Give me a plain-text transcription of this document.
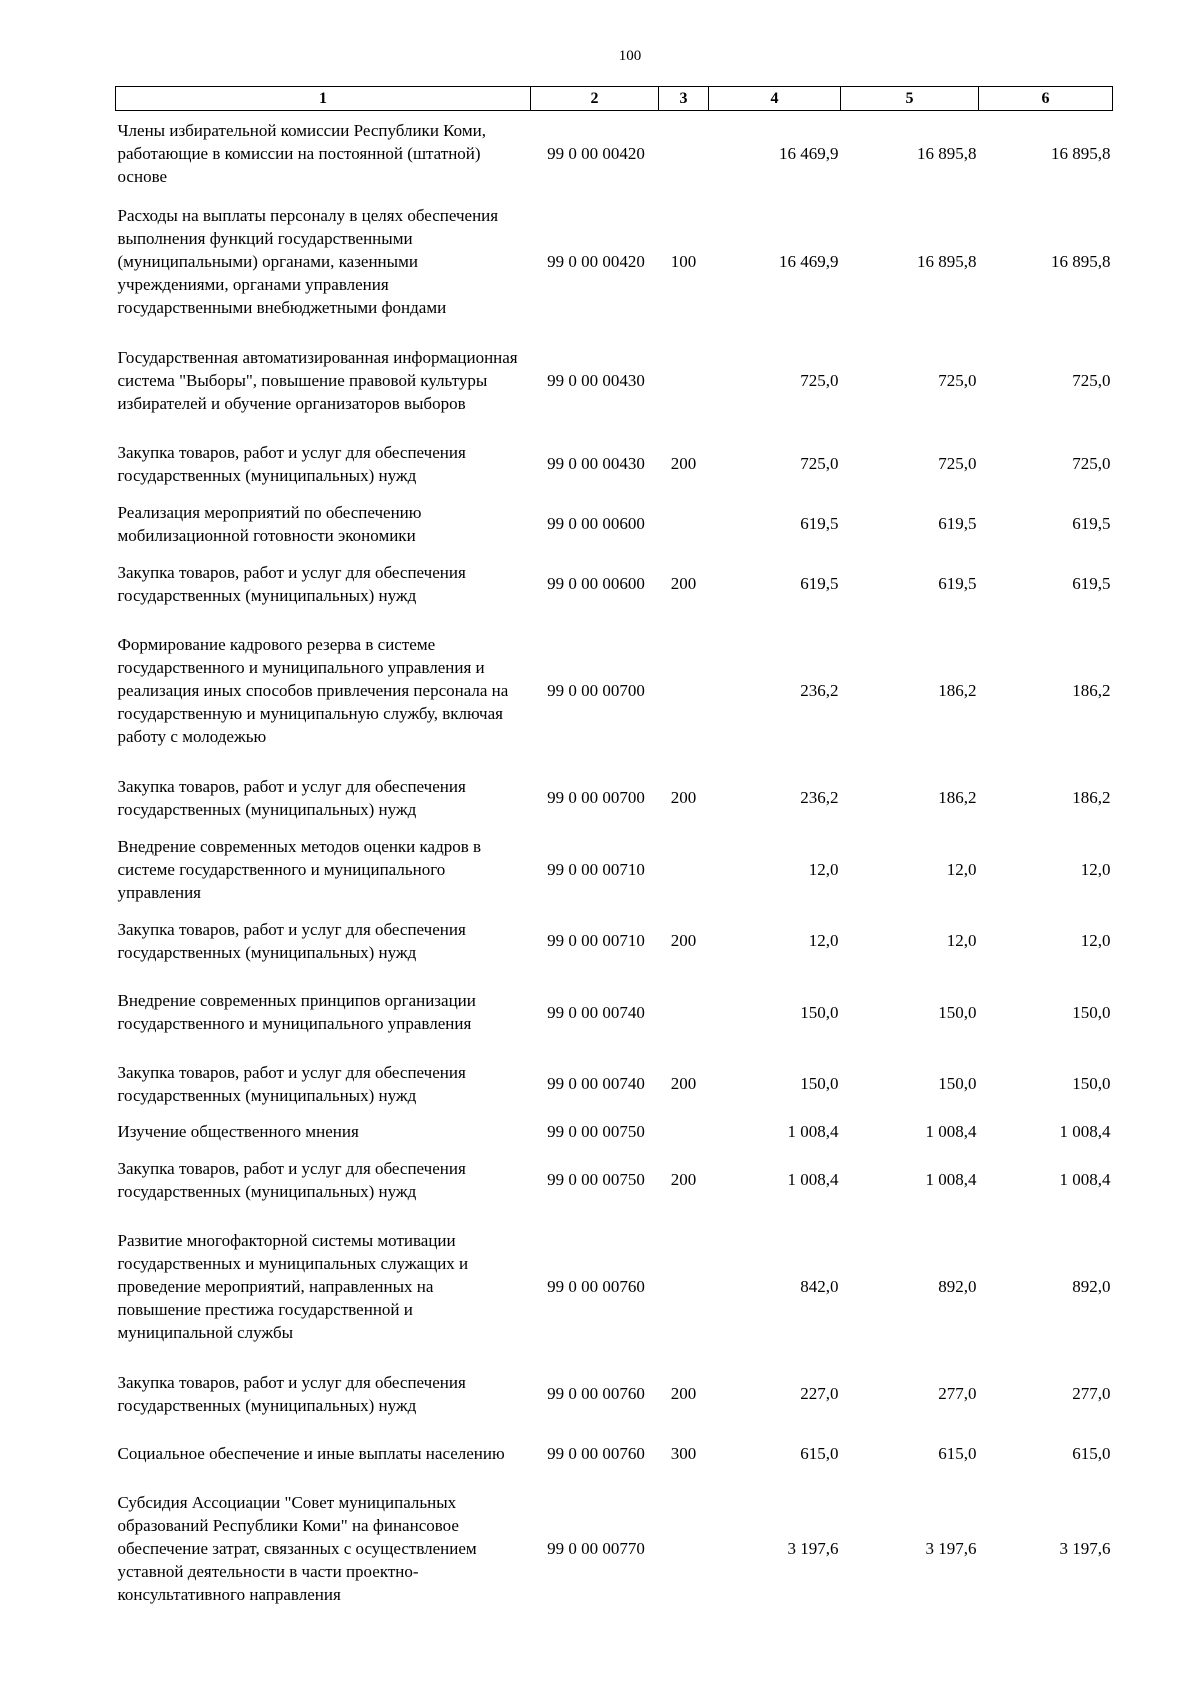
100
1	2	3	4	5	6
Члены избирательной комиссии Республики Коми, работающие в комиссии на постоянной (штатной) основе	99 0 00 00420		16 469,9	16 895,8	16 895,8
Расходы на выплаты персоналу в целях обеспечения выполнения функций государственными (муниципальными) органами, казенными учреждениями, органами управления государственными внебюджетными фондами	99 0 00 00420	100	16 469,9	16 895,8	16 895,8
Государственная автоматизированная информационная система "Выборы", повышение правовой культуры избирателей и обучение организаторов выборов	99 0 00 00430		725,0	725,0	725,0
Закупка товаров, работ и услуг для обеспечения государственных (муниципальных) нужд	99 0 00 00430	200	725,0	725,0	725,0
Реализация мероприятий по обеспечению мобилизационной готовности экономики	99 0 00 00600		619,5	619,5	619,5
Закупка товаров, работ и услуг для обеспечения государственных (муниципальных) нужд	99 0 00 00600	200	619,5	619,5	619,5
Формирование кадрового резерва в системе государственного и муниципального управления и реализация иных способов привлечения персонала на государственную и муниципальную службу, включая работу с молодежью	99 0 00 00700		236,2	186,2	186,2
Закупка товаров, работ и услуг для обеспечения государственных (муниципальных) нужд	99 0 00 00700	200	236,2	186,2	186,2
Внедрение современных методов оценки кадров в системе государственного и муниципального управления	99 0 00 00710		12,0	12,0	12,0
Закупка товаров, работ и услуг для обеспечения государственных (муниципальных) нужд	99 0 00 00710	200	12,0	12,0	12,0
Внедрение современных принципов организации государственного и муниципального управления	99 0 00 00740		150,0	150,0	150,0
Закупка товаров, работ и услуг для обеспечения государственных (муниципальных) нужд	99 0 00 00740	200	150,0	150,0	150,0
Изучение общественного мнения	99 0 00 00750		1 008,4	1 008,4	1 008,4
Закупка товаров, работ и услуг для обеспечения государственных (муниципальных) нужд	99 0 00 00750	200	1 008,4	1 008,4	1 008,4
Развитие многофакторной системы мотивации государственных и муниципальных служащих и проведение мероприятий, направленных на повышение престижа государственной и муниципальной службы	99 0 00 00760		842,0	892,0	892,0
Закупка товаров, работ и услуг для обеспечения государственных (муниципальных) нужд	99 0 00 00760	200	227,0	277,0	277,0
Социальное обеспечение и иные выплаты населению	99 0 00 00760	300	615,0	615,0	615,0
Субсидия Ассоциации "Совет муниципальных образований Республики Коми" на финансовое обеспечение затрат, связанных с осуществлением уставной деятельности в части проектно-консультативного направления	99 0 00 00770		3 197,6	3 197,6	3 197,6
